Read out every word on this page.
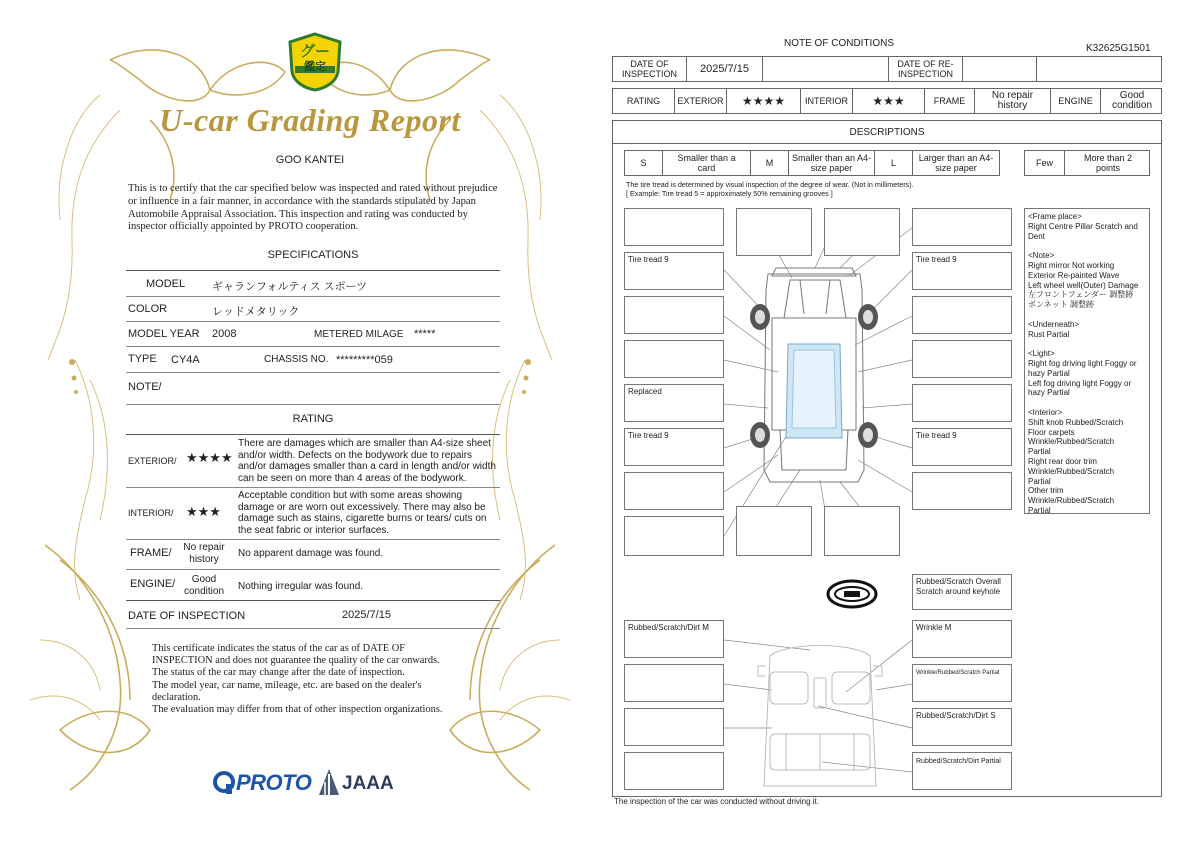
グー
鑑定
U-car Grading Report
GOO KANTEI
This is to certify that the car specified below was inspected and rated without prejudice or influence in a fair manner, in accordance with the standards stipulated by Japan Automobile Appraisal Association. This inspection and rating was conducted by inspector officially appointed by PROTO cooperation.
SPECIFICATIONS
MODEL ギャランフォルティス スポーツ
COLOR	レッドメタリック
MODEL YEAR 2008	METERED MILAGE *****
TYPE CY4A	CHASSIS NO. *********059
NOTE/
RATING
EXTERIOR/ ★★★★
There are damages which are smaller than A4-size sheet and/or width. Defects on the bodywork due to repairs and/or damages smaller than a card in length and/or width can be seen on more than 4 areas of the bodywork.
INTERIOR/ ★★★
Acceptable condition but with some areas showing damage or are worn out excessively. There may also be damage such as stains, cigarette burns or tears/ cuts on the seat fabric or interior surfaces.
FRAME/	No repair history
No apparent damage was found.
ENGINE/	Good condition	Nothing irregular was found.
DATE OF INSPECTION	2025/7/15
This certificate indicates the status of the car as of DATE OF
INSPECTION and does not guarantee the quality of the car onwards.
The status of the car may change after the date of inspection.
The model year, car name, mileage, etc. are based on the dealer's
declaration.
The evaluation may differ from that of other inspection organizations.
PROTO JAAA
NOTE OF CONDITIONS	K32625G1501
DATE OF INSPECTION 2025/7/15	DATE OF RE-INSPECTION
RATING EXTERIOR ★★★★ INTERIOR ★★★	FRAME	No repair history	ENGINE	Good condition
DESCRIPTIONS
S	Smaller than a card	M Smaller than an A4-size paper	L	Larger than an A4-size paper	Few	More than 2 points
The tire tread is determined by visual inspection of the degree of wear. (Not in millimeters).
[ Example: Tire tread 5 = approximately 50% remaining grooves ]
Tire tread 9
Replaced
Tire tread 9
Tire tread 9
Tire tread 9
<Frame place>
Right Centre Pillar Scratch and
Dent
<Note>
Right mirror Not working
Exterior Re-painted Wave
Left wheel well(Outer) Damage
左フロントフェンダー 調整跡
ボンネット 調整跡
<Underneath>
Rust Partial
<Light>
Right fog driving light Foggy or
hazy Partial
Left fog driving light Foggy or
hazy Partial
<Interior>
Shift knob Rubbed/Scratch
Floor carpets
Wrinkle/Rubbed/Scratch
Partial
Right rear door trim
Wrinkle/Rubbed/Scratch
Partial
Other trim
Wrinkle/Rubbed/Scratch
Partial
Rubbed/Scratch Overall Scratch around keyhole
Rubbed/Scratch/Dirt M	Wrinkle M
Wrinkle/Rubbed/Scratch Partial
Rubbed/Scratch/Dirt S
Rubbed/Scratch/Dirt Partial
The inspection of the car was conducted without driving it.
